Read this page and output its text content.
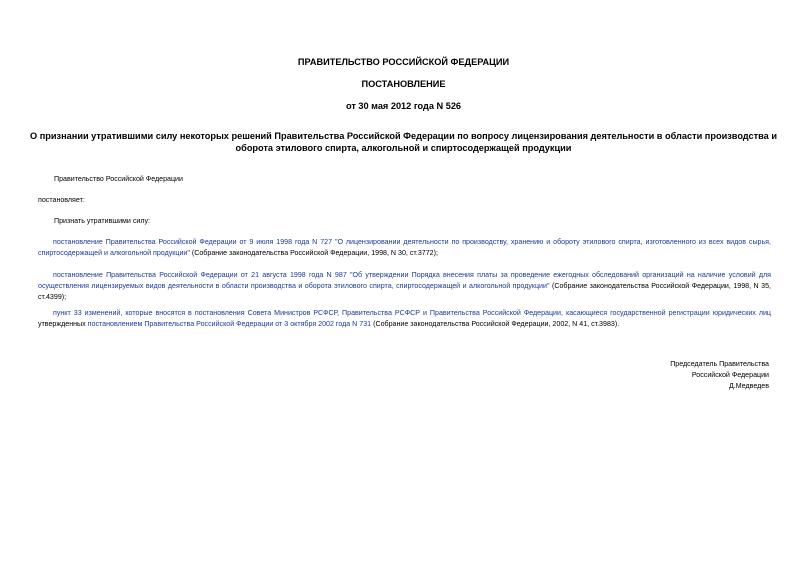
ПРАВИТЕЛЬСТВО РОССИЙСКОЙ ФЕДЕРАЦИИ
ПОСТАНОВЛЕНИЕ
от 30 мая 2012 года N 526
О признании утратившими силу некоторых решений Правительства Российской Федерации по вопросу лицензирования деятельности в области производства и оборота этилового спирта, алкогольной и спиртосодержащей продукции
Правительство Российской Федерации
постановляет:
Признать утратившими силу:
постановление Правительства Российской Федерации от 9 июля 1998 года N 727 "О лицензировании деятельности по производству, хранению и обороту этилового спирта, изготовленного из всех видов сырья, спиртосодержащей и алкогольной продукции" (Собрание законодательства Российской Федерации, 1998, N 30, ст.3772);
постановление Правительства Российской Федерации от 21 августа 1998 года N 987 "Об утверждении Порядка внесения платы за проведение ежегодных обследований организаций на наличие условий для осуществления лицензируемых видов деятельности в области производства и оборота этилового спирта, спиртосодержащей и алкогольной продукции" (Собрание законодательства Российской Федерации, 1998, N 35, ст.4399);
пункт 33 изменений, которые вносятся в постановления Совета Министров РСФСР, Правительства РСФСР и Правительства Российской Федерации, касающиеся государственной регистрации юридических лиц утвержденных постановлением Правительства Российской Федерации от 3 октября 2002 года N 731 (Собрание законодательства Российской Федерации, 2002, N 41, ст.3983).
Председатель Правительства
Российской Федерации
Д.Медведев
